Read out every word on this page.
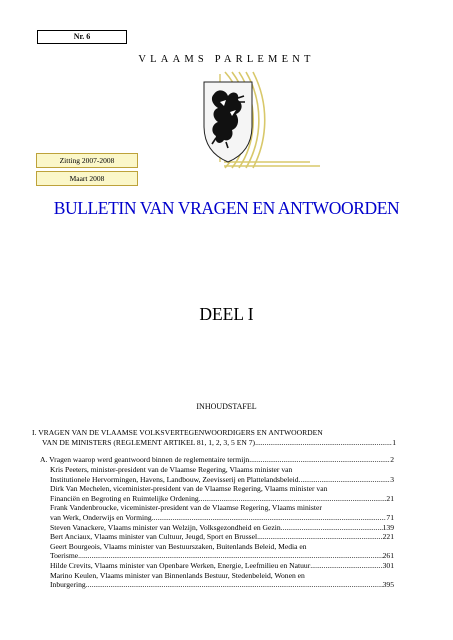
Nr. 6
VLAAMS PARLEMENT
Zitting 2007-2008
Maart 2008
BULLETIN VAN VRAGEN EN ANTWOORDEN
DEEL I
INHOUDSTAFEL
I. VRAGEN VAN DE VLAAMSE VOLKSVERTEGENWOORDIGERS EN ANTWOORDEN
VAN DE MINISTERS (REGLEMENT ARTIKEL 81, 1, 2, 3, 5 EN 7) .....	1
A. Vragen waarop werd geantwoord binnen de reglementaire termijn .....	2
Kris Peeters, minister-president van de Vlaamse Regering, Vlaams minister van
Institutionele Hervormingen, Havens, Landbouw, Zeevisserij en Plattelandsbeleid .....	3
Dirk Van Mechelen, viceminister-president van de Vlaamse Regering, Vlaams minister van
Financiën en Begroting en Ruimtelijke Ordening .....	21
Frank Vandenbroucke, viceminister-president van de Vlaamse Regering, Vlaams minister
van Werk, Onderwijs en Vorming .....	71
Steven Vanackere, Vlaams minister van Welzijn, Volksgezondheid en Gezin .....	139
Bert Anciaux, Vlaams minister van Cultuur, Jeugd, Sport en Brussel .....	221
Geert Bourgeois, Vlaams minister van Bestuurszaken, Buitenlands Beleid, Media en
Toerisme .....	261
Hilde Crevits, Vlaams minister van Openbare Werken, Energie, Leefmilieu en Natuur .....	301
Marino Keulen, Vlaams minister van Binnenlands Bestuur, Stedenbeleid, Wonen en
Inburgering .....	395
